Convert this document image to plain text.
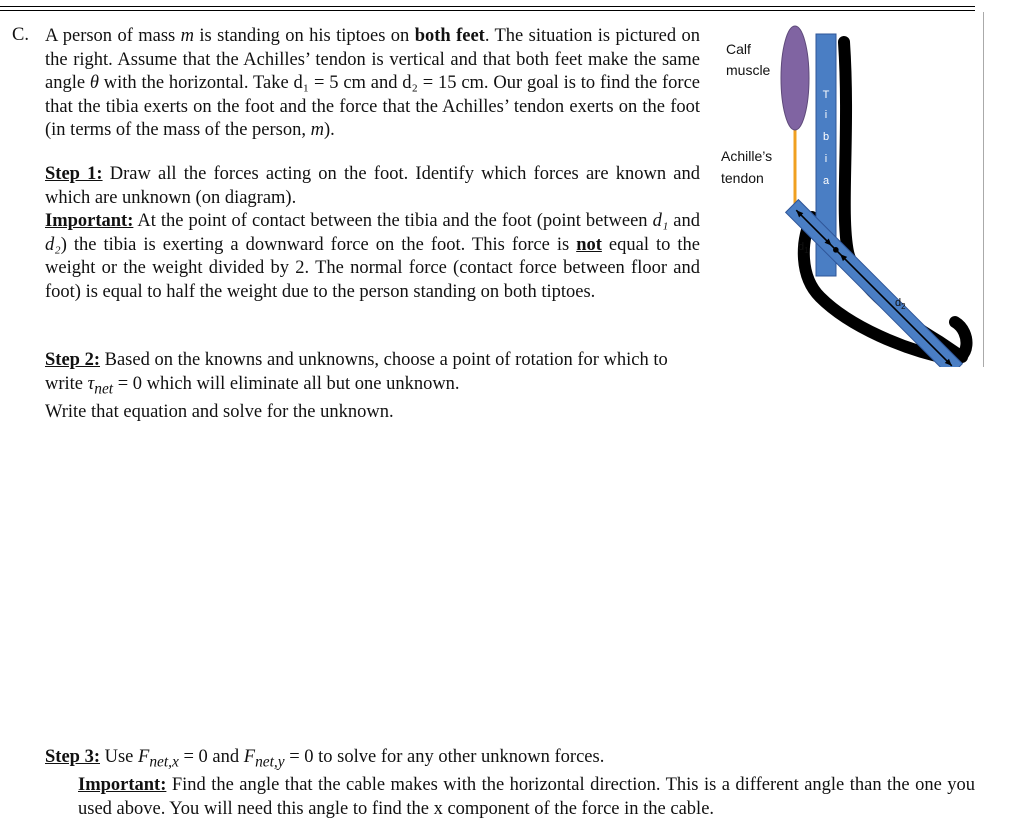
C. A person of mass m is standing on his tiptoes on both feet. The situation is pictured on the right. Assume that the Achilles’ tendon is vertical and that both feet make the same angle θ with the horizontal. Take d₁ = 5 cm and d₂ = 15 cm. Our goal is to find the force that the tibia exerts on the foot and the force that the Achilles’ tendon exerts on the foot (in terms of the mass of the person, m).
Step 1: Draw all the forces acting on the foot. Identify which forces are known and which are unknown (on diagram).
Important: At the point of contact between the tibia and the foot (point between d₁ and d₂) the tibia is exerting a downward force on the foot. This force is not equal to the weight or the weight divided by 2. The normal force (contact force between floor and foot) is equal to half the weight due to the person standing on both tiptoes.
Step 2: Based on the knowns and unknowns, choose a point of rotation for which to write $\tau_{net} = 0$ which will eliminate all but one unknown.
Write that equation and solve for the unknown.
Step 3: Use $F_{net,x} = 0$ and $F_{net,y} = 0$ to solve for any other unknown forces.
Important: Find the angle that the cable makes with the horizontal direction. This is a different angle than the one you used above. You will need this angle to find the x component of the force in the cable.
T
i
b
i
a
Calf
muscle
Achille’s
tendon
$d_1$
$d_2$
